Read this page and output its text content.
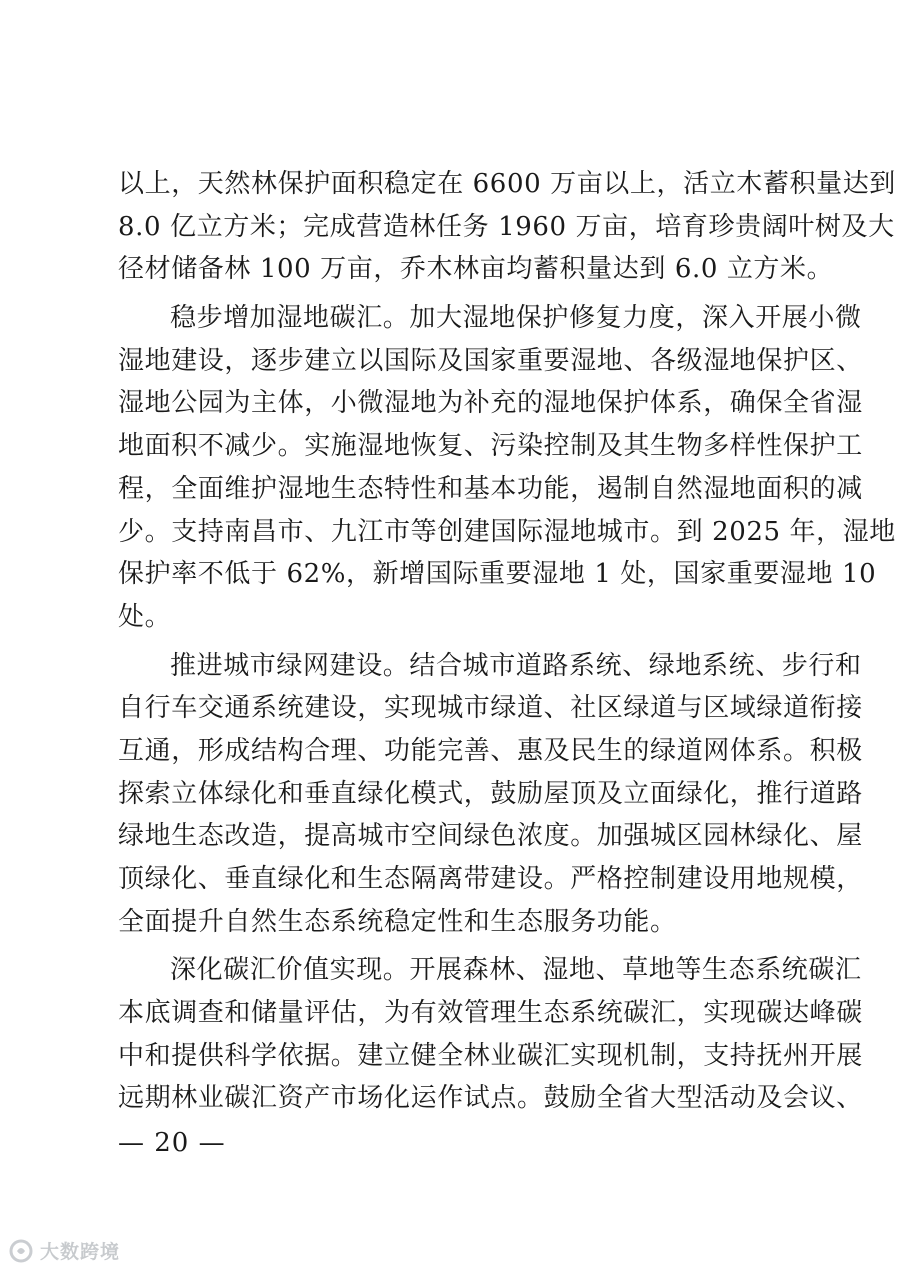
以上，天然林保护面积稳定在 6600 万亩以上，活立木蓄积量达到
8.0 亿立方米；完成营造林任务 1960 万亩，培育珍贵阔叶树及大
径材储备林 100 万亩，乔木林亩均蓄积量达到 6.0 立方米。
稳步增加湿地碳汇。加大湿地保护修复力度，深入开展小微
湿地建设，逐步建立以国际及国家重要湿地、各级湿地保护区、
湿地公园为主体，小微湿地为补充的湿地保护体系，确保全省湿
地面积不减少。实施湿地恢复、污染控制及其生物多样性保护工
程，全面维护湿地生态特性和基本功能，遏制自然湿地面积的减
少。支持南昌市、九江市等创建国际湿地城市。到 2025 年，湿地
保护率不低于 62%，新增国际重要湿地 1 处，国家重要湿地 10
处。
推进城市绿网建设。结合城市道路系统、绿地系统、步行和
自行车交通系统建设，实现城市绿道、社区绿道与区域绿道衔接
互通，形成结构合理、功能完善、惠及民生的绿道网体系。积极
探索立体绿化和垂直绿化模式，鼓励屋顶及立面绿化，推行道路
绿地生态改造，提高城市空间绿色浓度。加强城区园林绿化、屋
顶绿化、垂直绿化和生态隔离带建设。严格控制建设用地规模，
全面提升自然生态系统稳定性和生态服务功能。
深化碳汇价值实现。开展森林、湿地、草地等生态系统碳汇
本底调查和储量评估，为有效管理生态系统碳汇，实现碳达峰碳
中和提供科学依据。建立健全林业碳汇实现机制，支持抚州开展
远期林业碳汇资产市场化运作试点。鼓励全省大型活动及会议、
— 20 —
大数跨境
